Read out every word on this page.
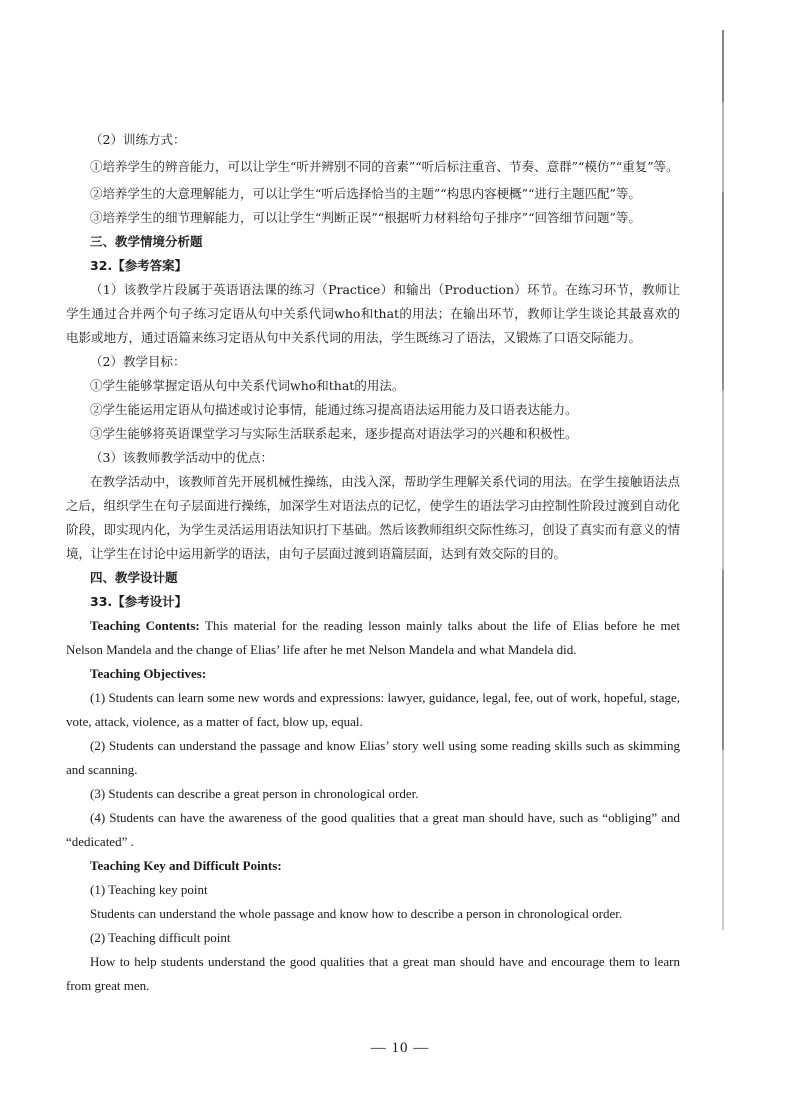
（2）训练方式：

①培养学生的辨音能力，可以让学生“听并辨别不同的音素”“听后标注重音、节奏、意群”“模仿”“重复”等。

②培养学生的大意理解能力，可以让学生“听后选择恰当的主题”“构思内容梗概”“进行主题匹配”等。

③培养学生的细节理解能力，可以让学生“判断正误”“根据听力材料给句子排序”“回答细节问题”等。

三、教学情境分析题

32.【参考答案】

（1）该教学片段属于英语语法课的练习（Practice）和输出（Production）环节。在练习环节，教师让学生通过合并两个句子练习定语从句中关系代词who和that的用法；在输出环节，教师让学生谈论其最喜欢的电影或地方，通过语篇来练习定语从句中关系代词的用法，学生既练习了语法，又锻炼了口语交际能力。

（2）教学目标：

①学生能够掌握定语从句中关系代词who和that的用法。

②学生能运用定语从句描述或讨论事情，能通过练习提高语法运用能力及口语表达能力。

③学生能够将英语课堂学习与实际生活联系起来，逐步提高对语法学习的兴趣和积极性。

（3）该教师教学活动中的优点：

在教学活动中，该教师首先开展机械性操练，由浅入深，帮助学生理解关系代词的用法。在学生接触语法点之后，组织学生在句子层面进行操练，加深学生对语法点的记忆，使学生的语法学习由控制性阶段过渡到自动化阶段，即实现内化，为学生灵活运用语法知识打下基础。然后该教师组织交际性练习，创设了真实而有意义的情境，让学生在讨论中运用新学的语法，由句子层面过渡到语篇层面，达到有效交际的目的。

四、教学设计题

33.【参考设计】

Teaching Contents: This material for the reading lesson mainly talks about the life of Elias before he met Nelson Mandela and the change of Elias’ life after he met Nelson Mandela and what Mandela did.

Teaching Objectives:

(1) Students can learn some new words and expressions: lawyer, guidance, legal, fee, out of work, hopeful, stage, vote, attack, violence, as a matter of fact, blow up, equal.

(2) Students can understand the passage and know Elias’ story well using some reading skills such as skimming and scanning.

(3) Students can describe a great person in chronological order.

(4) Students can have the awareness of the good qualities that a great man should have, such as “obliging” and “dedicated” .

Teaching Key and Difficult Points:

(1) Teaching key point

Students can understand the whole passage and know how to describe a person in chronological order.

(2) Teaching difficult point

How to help students understand the good qualities that a great man should have and encourage them to learn from great men.

— 10 —
